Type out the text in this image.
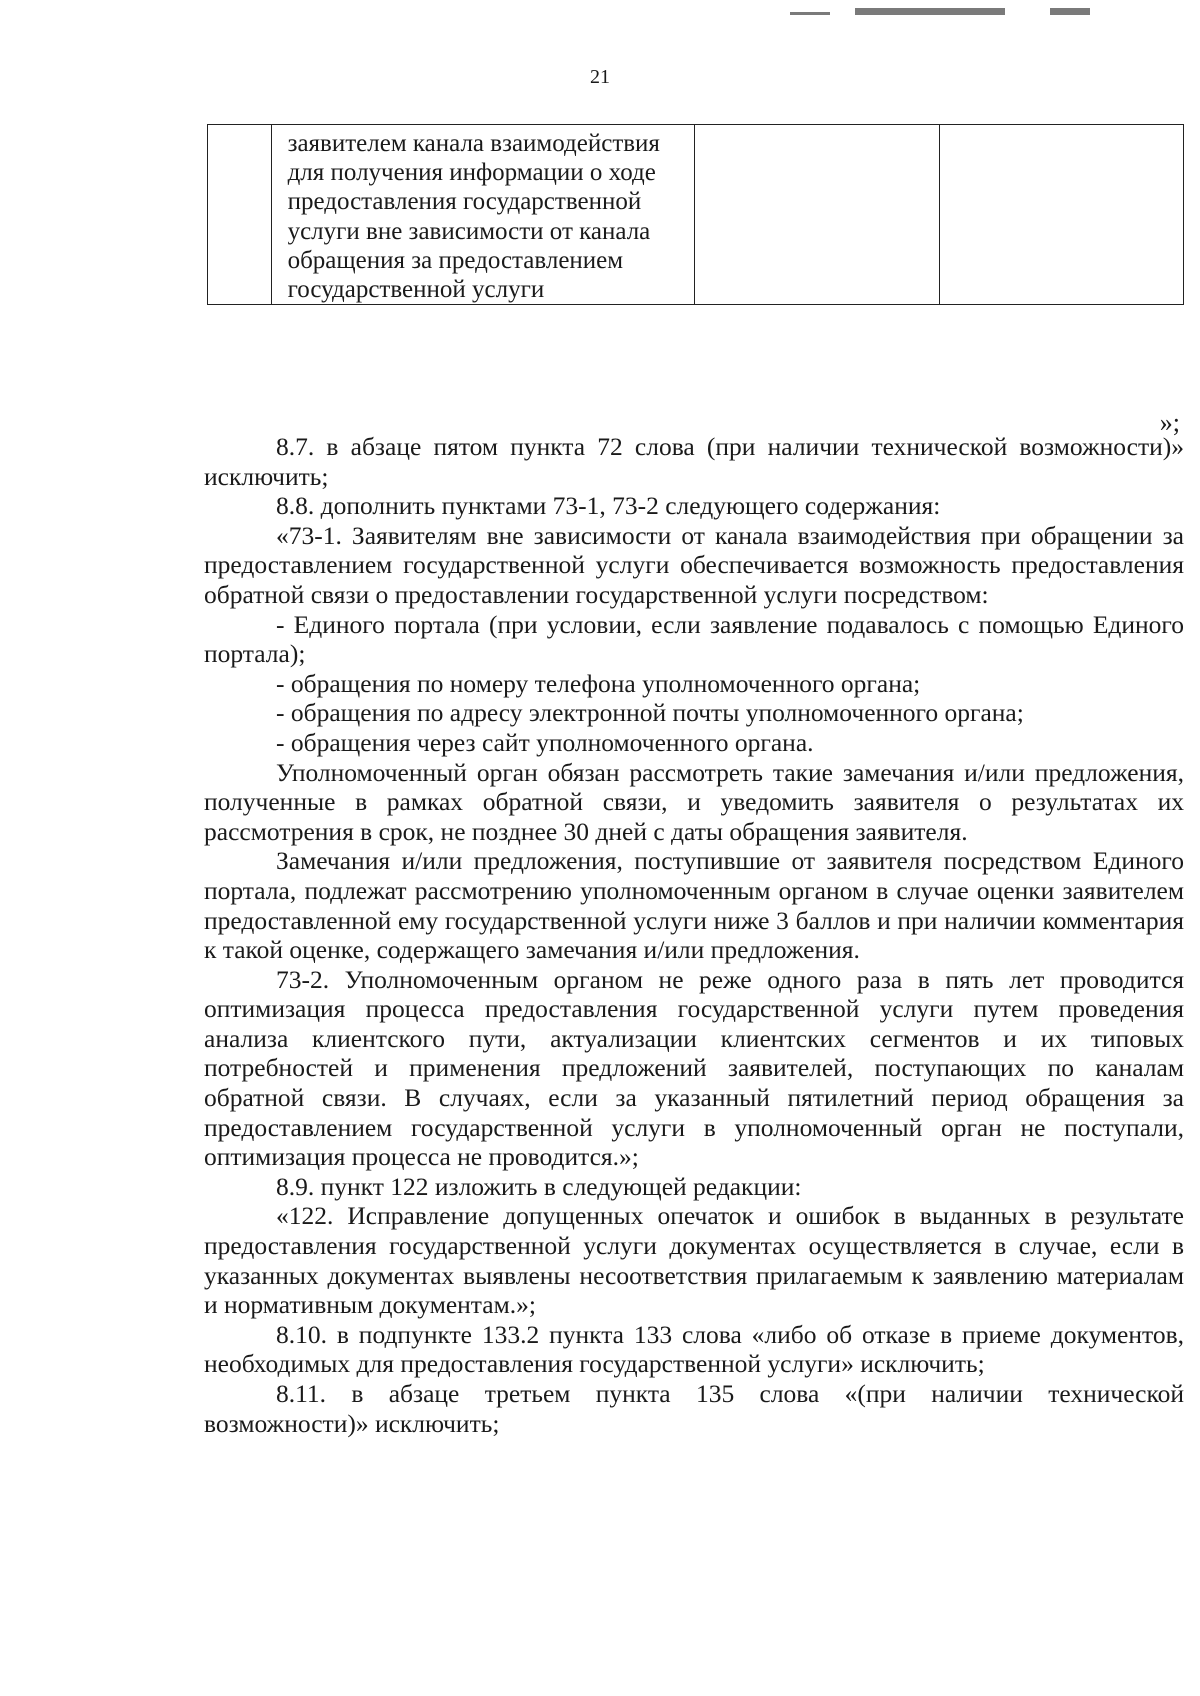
21
	заявителем канала взаимодействия для получения информации о ходе предоставления государственной услуги вне зависимости от канала обращения за предоставлением государственной услуги		
»;

8.7. в абзаце пятом пункта 72 слова (при наличии технической возможности)» исключить;

8.8. дополнить пунктами 73-1, 73-2 следующего содержания:

«73-1. Заявителям вне зависимости от канала взаимодействия при обращении за предоставлением государственной услуги обеспечивается возможность предоставления обратной связи о предоставлении государственной услуги посредством:

- Единого портала (при условии, если заявление подавалось с помощью Единого портала);

- обращения по номеру телефона уполномоченного органа;

- обращения по адресу электронной почты уполномоченного органа;

- обращения через сайт уполномоченного органа.

Уполномоченный орган обязан рассмотреть такие замечания и/или предложения, полученные в рамках обратной связи, и уведомить заявителя о результатах их рассмотрения в срок, не позднее 30 дней с даты обращения заявителя.

Замечания и/или предложения, поступившие от заявителя посредством Единого портала, подлежат рассмотрению уполномоченным органом в случае оценки заявителем предоставленной ему государственной услуги ниже 3 баллов и при наличии комментария к такой оценке, содержащего замечания и/или предложения.

73-2. Уполномоченным органом не реже одного раза в пять лет проводится оптимизация процесса предоставления государственной услуги путем проведения анализа клиентского пути, актуализации клиентских сегментов и их типовых потребностей и применения предложений заявителей, поступающих по каналам обратной связи. В случаях, если за указанный пятилетний период обращения за предоставлением государственной услуги в уполномоченный орган не поступали, оптимизация процесса не проводится.»;

8.9. пункт 122 изложить в следующей редакции:

«122. Исправление допущенных опечаток и ошибок в выданных в результате предоставления государственной услуги документах осуществляется в случае, если в указанных документах выявлены несоответствия прилагаемым к заявлению материалам и нормативным документам.»;

8.10. в подпункте 133.2 пункта 133 слова «либо об отказе в приеме документов, необходимых для предоставления государственной услуги» исключить;

8.11. в абзаце третьем пункта 135 слова «(при наличии технической возможности)» исключить;
